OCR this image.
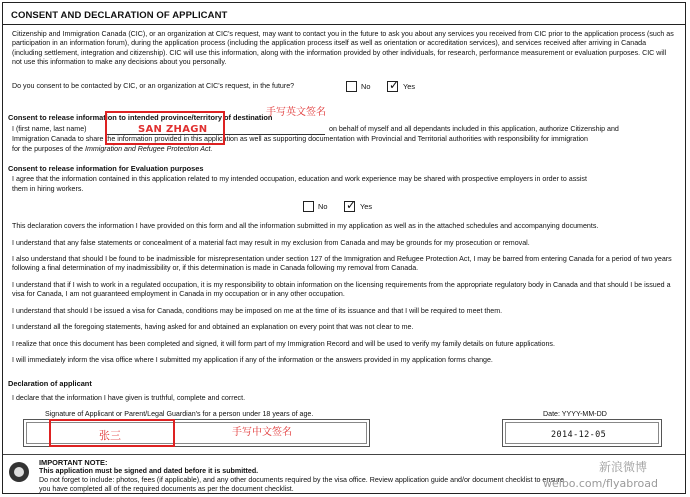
CONSENT AND DECLARATION OF APPLICANT
Citizenship and Immigration Canada (CIC), or an organization at CIC's request, may want to contact you in the future to ask you about any services you received from CIC prior to the application process (such as participation in an information forum), during the application process (including the application process itself as well as orientation or accreditation services), and services received after arriving in Canada (including settlement, integration and citizenship). CIC will use this information, along with the information provided by other individuals, for research, performance measurement or evaluation purposes. CIC will not use this information to make any decisions about you personally.
Do you consent to be contacted by CIC, or an organization at CIC's request, in the future?	No ✓ Yes
Consent to release information to intended province/territory of destination
I (first name, last name)	on behalf of myself and all dependants included in this application, authorize Citizenship and
Immigration Canada to share the information provided in this application as well as supporting documentation with Provincial and Territorial authorities with responsibility for immigration
for the purposes of the Immigration and Refugee Protection Act.
SAN ZHAGN
手写英文签名
Consent to release information for Evaluation purposes
I agree that the information contained in this application related to my intended occupation, education and work experience may be shared with prospective employers in order to assist
them in hiring workers.
No ✓ Yes
This declaration covers the information I have provided on this form and all the information submitted in my application as well as in the attached schedules and accompanying documents.
I understand that any false statements or concealment of a material fact may result in my exclusion from Canada and may be grounds for my prosecution or removal.
I also understand that should I be found to be inadmissible for misrepresentation under section 127 of the Immigration and Refugee Protection Act, I may be barred from entering Canada for a period of two years following a final determination of my inadmissibility or, if this determination is made in Canada following my removal from Canada.
I understand that if I wish to work in a regulated occupation, it is my responsibility to obtain information on the licensing requirements from the appropriate regulatory body in Canada and that should I be issued a visa for Canada, I am not guaranteed employment in Canada in my occupation or in any other occupation.
I understand that should I be issued a visa for Canada, conditions may be imposed on me at the time of its issuance and that I will be required to meet them.
I understand all the foregoing statements, having asked for and obtained an explanation on every point that was not clear to me.
I realize that once this document has been completed and signed, it will form part of my Immigration Record and will be used to verify my family details on future applications.
I will immediately inform the visa office where I submitted my application if any of the information or the answers provided in my application forms change.
Declaration of applicant
I declare that the information I have given is truthful, complete and correct.
Signature of Applicant or Parent/Legal Guardian's for a person under 18 years of age.	Date: YYYY-MM-DD
2014-12-05
张三	手写中文签名
IMPORTANT NOTE:
This application must be signed and dated before it is submitted.
Do not forget to include: photos, fees (if applicable), and any other documents required by the visa office. Review application guide and/or document checklist to ensure
you have completed all of the required documents as per the document checklist.
新浪微博
weibo.com/flyabroad
